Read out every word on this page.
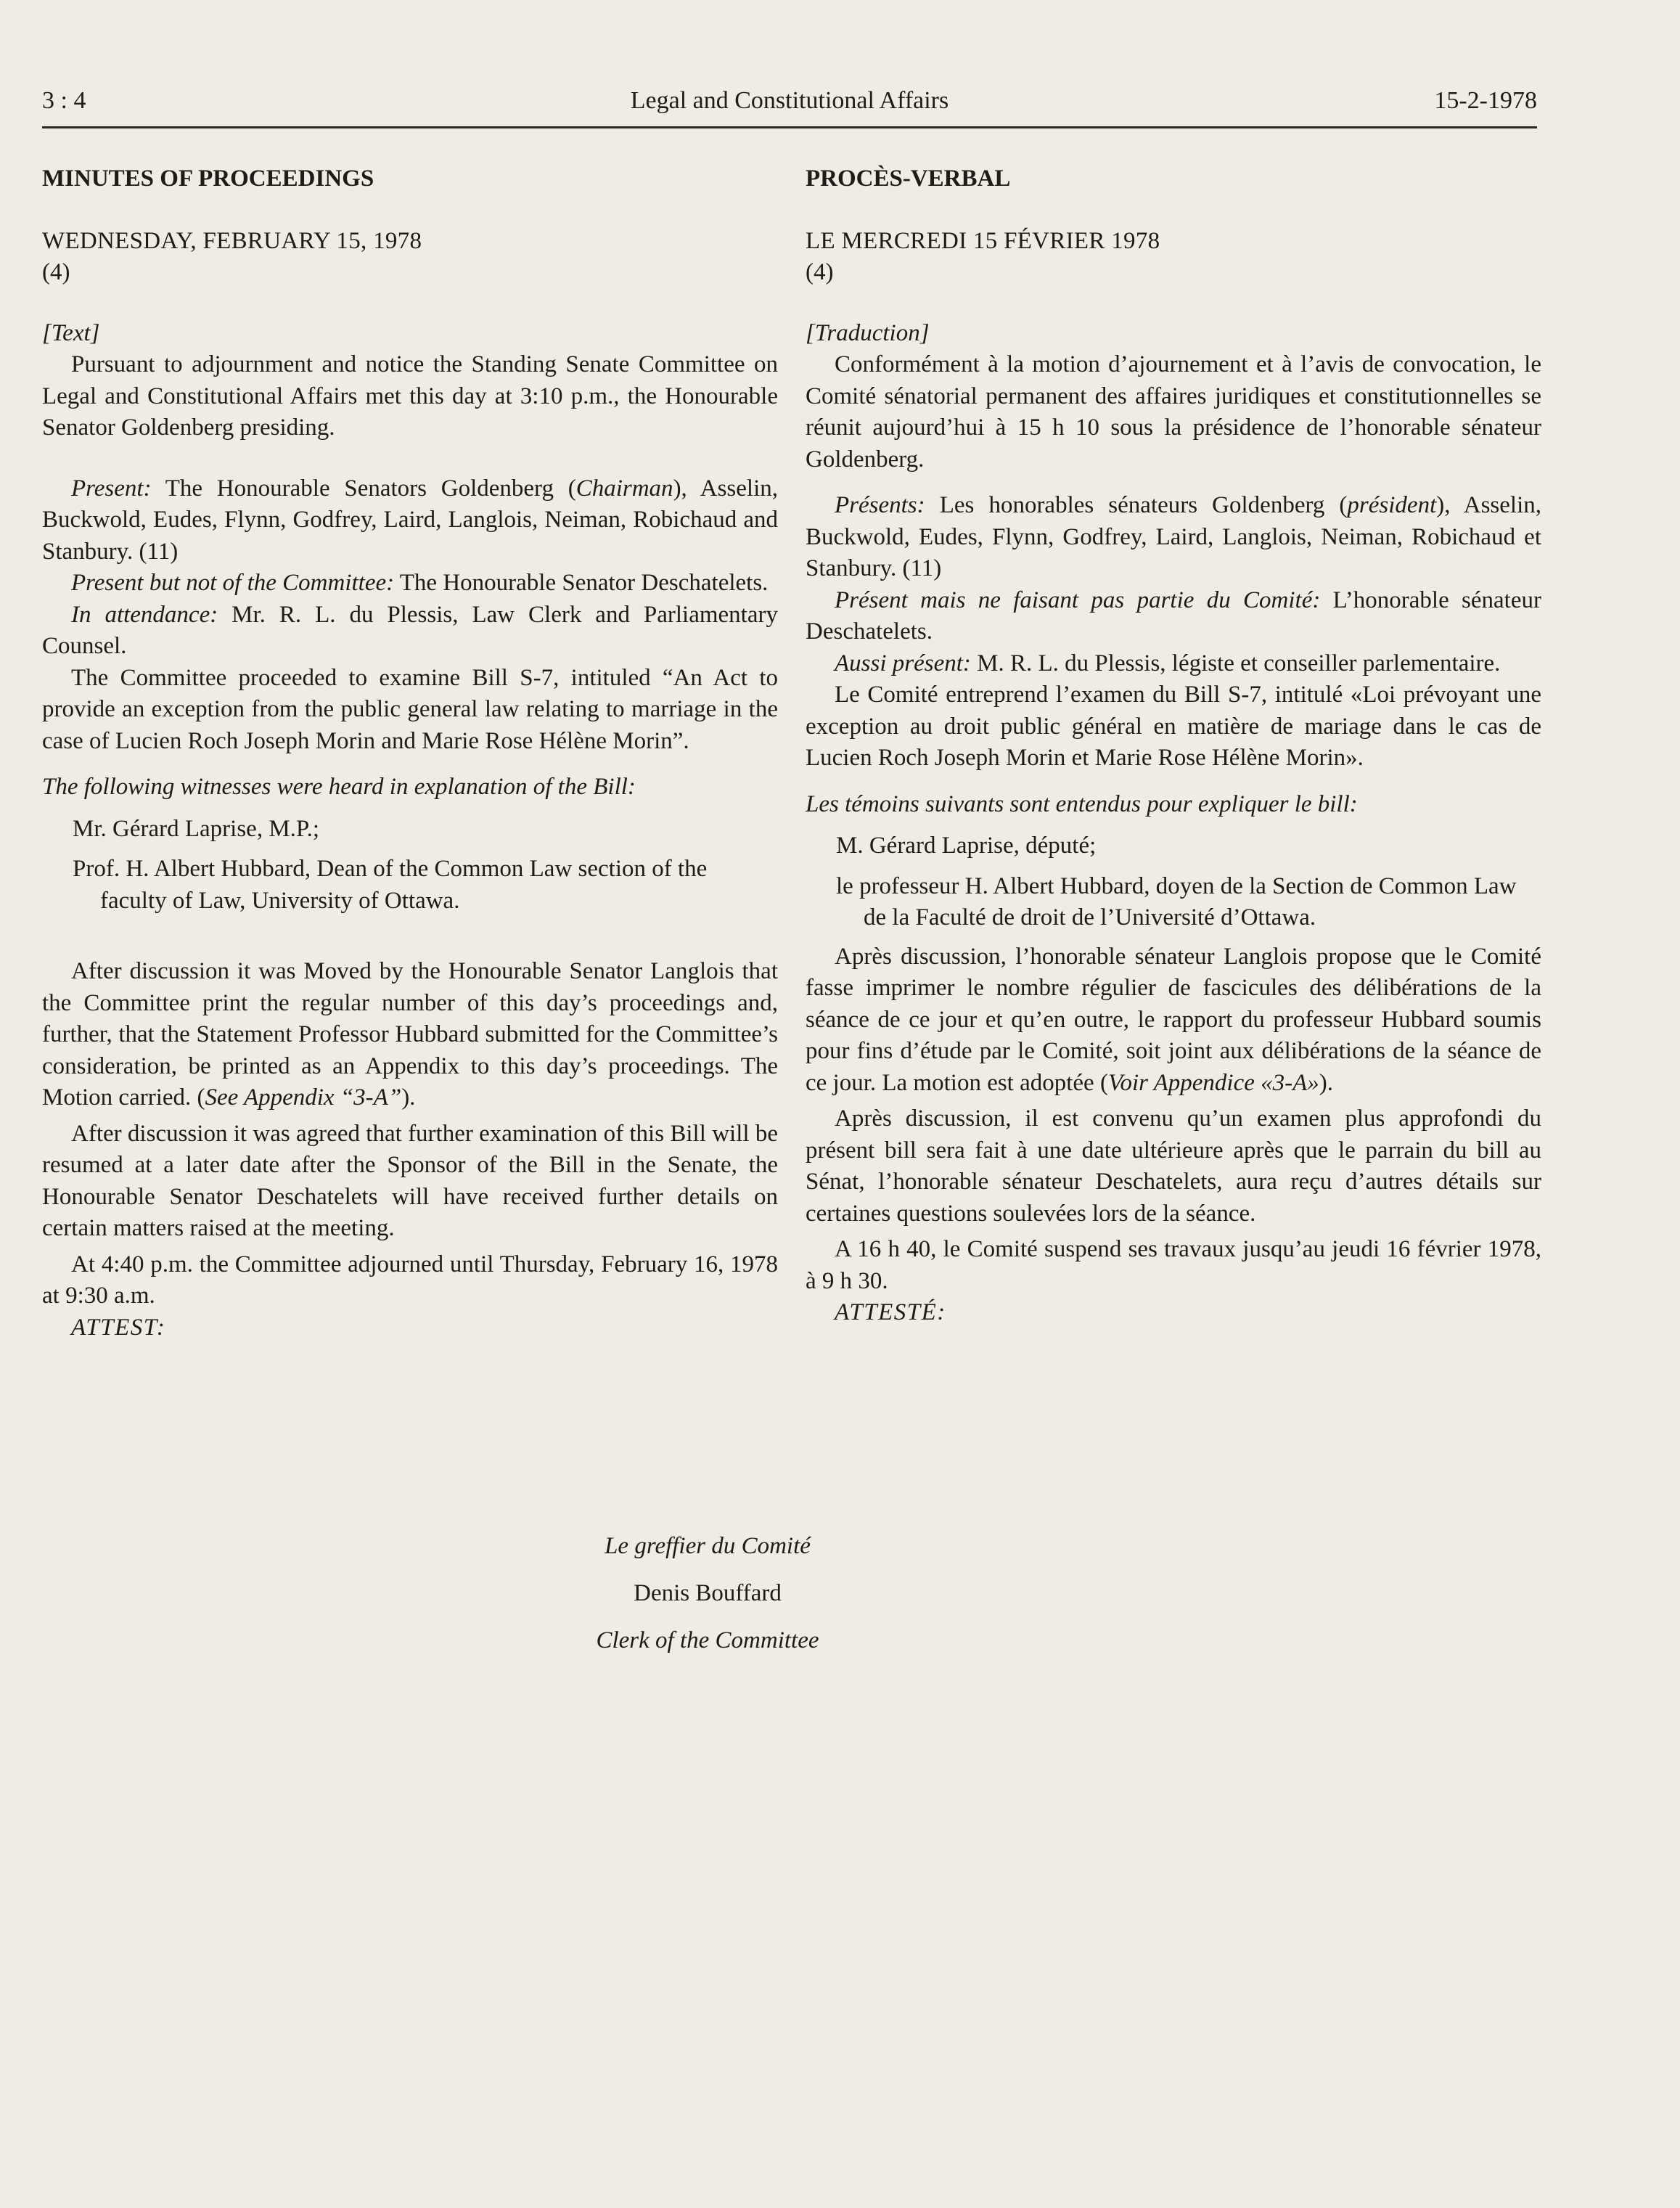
3 : 4	Legal and Constitutional Affairs	15-2-1978

MINUTES OF PROCEEDINGS

WEDNESDAY, FEBRUARY 15, 1978

(4)

[Text]

Pursuant to adjournment and notice the Standing Senate Committee on Legal and Constitutional Affairs met this day at 3:10 p.m., the Honourable Senator Goldenberg presiding.

Present: The Honourable Senators Goldenberg (Chairman), Asselin, Buckwold, Eudes, Flynn, Godfrey, Laird, Langlois, Neiman, Robichaud and Stanbury. (11)

Present but not of the Committee: The Honourable Senator Deschatelets.

In attendance: Mr. R. L. du Plessis, Law Clerk and Parliamentary Counsel.

The Committee proceeded to examine Bill S-7, intituled “An Act to provide an exception from the public general law relating to marriage in the case of Lucien Roch Joseph Morin and Marie Rose Hélène Morin”.

The following witnesses were heard in explanation of the Bill:

Mr. Gérard Laprise, M.P.;

Prof. H. Albert Hubbard, Dean of the Common Law section of the faculty of Law, University of Ottawa.

After discussion it was Moved by the Honourable Senator Langlois that the Committee print the regular number of this day’s proceedings and, further, that the Statement Professor Hubbard submitted for the Committee’s consideration, be printed as an Appendix to this day’s proceedings. The Motion carried. (See Appendix “3-A”).

After discussion it was agreed that further examination of this Bill will be resumed at a later date after the Sponsor of the Bill in the Senate, the Honourable Senator Deschatelets will have received further details on certain matters raised at the meeting.

At 4:40 p.m. the Committee adjourned until Thursday, February 16, 1978 at 9:30 a.m.

ATTEST:

PROCÈS-VERBAL

LE MERCREDI 15 FÉVRIER 1978

(4)

[Traduction]

Conformément à la motion d’ajournement et à l’avis de convocation, le Comité sénatorial permanent des affaires juridiques et constitutionnelles se réunit aujourd’hui à 15 h 10 sous la présidence de l’honorable sénateur Goldenberg.

Présents: Les honorables sénateurs Goldenberg (président), Asselin, Buckwold, Eudes, Flynn, Godfrey, Laird, Langlois, Neiman, Robichaud et Stanbury. (11)

Présent mais ne faisant pas partie du Comité: L’honorable sénateur Deschatelets.

Aussi présent: M. R. L. du Plessis, légiste et conseiller parlementaire.

Le Comité entreprend l’examen du Bill S-7, intitulé «Loi prévoyant une exception au droit public général en matière de mariage dans le cas de Lucien Roch Joseph Morin et Marie Rose Hélène Morin».

Les témoins suivants sont entendus pour expliquer le bill:

M. Gérard Laprise, député;

le professeur H. Albert Hubbard, doyen de la Section de Common Law de la Faculté de droit de l’Université d’Ottawa.

Après discussion, l’honorable sénateur Langlois propose que le Comité fasse imprimer le nombre régulier de fascicules des délibérations de la séance de ce jour et qu’en outre, le rapport du professeur Hubbard soumis pour fins d’étude par le Comité, soit joint aux délibérations de la séance de ce jour. La motion est adoptée (Voir Appendice «3-A»).

Après discussion, il est convenu qu’un examen plus approfondi du présent bill sera fait à une date ultérieure après que le parrain du bill au Sénat, l’honorable sénateur Deschatelets, aura reçu d’autres détails sur certaines questions soulevées lors de la séance.

A 16 h 40, le Comité suspend ses travaux jusqu’au jeudi 16 février 1978, à 9 h 30.

ATTESTÉ:

Le greffier du Comité
Denis Bouffard
Clerk of the Committee
